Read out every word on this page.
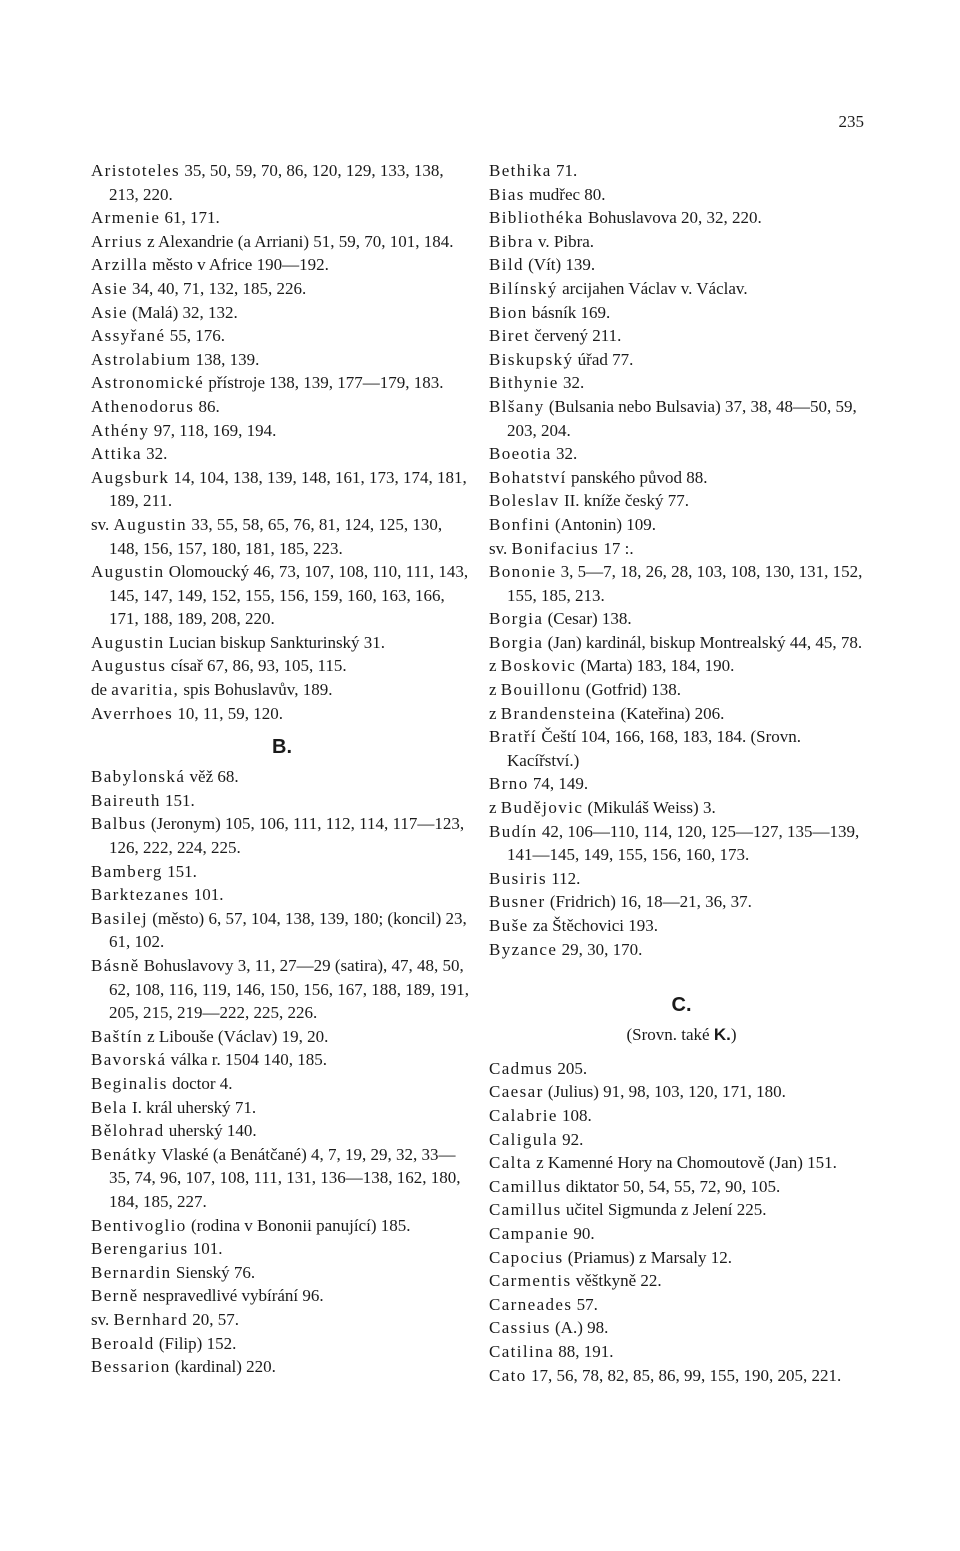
235
Aristoteles 35, 50, 59, 70, 86, 120, 129, 133, 138, 213, 220.
Armenie 61, 171.
Arrius z Alexandrie (a Arriani) 51, 59, 70, 101, 184.
Arzilla město v Africe 190—192.
Asie 34, 40, 71, 132, 185, 226.
Asie (Malá) 32, 132.
Assyřané 55, 176.
Astrolabium 138, 139.
Astronomické přístroje 138, 139, 177—179, 183.
Athenodorus 86.
Athény 97, 118, 169, 194.
Attika 32.
Augsburk 14, 104, 138, 139, 148, 161, 173, 174, 181, 189, 211.
sv. Augustin 33, 55, 58, 65, 76, 81, 124, 125, 130, 148, 156, 157, 180, 181, 185, 223.
Augustin Olomoucký 46, 73, 107, 108, 110, 111, 143, 145, 147, 149, 152, 155, 156, 159, 160, 163, 166, 171, 188, 189, 208, 220.
Augustin Lucian biskup Sankturinský 31.
Augustus císař 67, 86, 93, 105, 115.
de avaritia, spis Bohuslavův, 189.
Averrhoes 10, 11, 59, 120.
B.
Babylonská věž 68.
Baireuth 151.
Balbus (Jeronym) 105, 106, 111, 112, 114, 117—123, 126, 222, 224, 225.
Bamberg 151.
Barktezanes 101.
Basilej (město) 6, 57, 104, 138, 139, 180; (koncil) 23, 61, 102.
Básně Bohuslavovy 3, 11, 27—29 (satira), 47, 48, 50, 62, 108, 116, 119, 146, 150, 156, 167, 188, 189, 191, 205, 215, 219—222, 225, 226.
Baštín z Libouše (Václav) 19, 20.
Bavorská válka r. 1504 140, 185.
Beginalis doctor 4.
Bela I. král uherský 71.
Bělohrad uherský 140.
Benátky Vlaské (a Benátčané) 4, 7, 19, 29, 32, 33—35, 74, 96, 107, 108, 111, 131, 136—138, 162, 180, 184, 185, 227.
Bentivoglio (rodina v Bononii panující) 185.
Berengarius 101.
Bernardin Sienský 76.
Berně nespravedlivé vybírání 96.
sv. Bernhard 20, 57.
Beroald (Filip) 152.
Bessarion (kardinal) 220.
Bethika 71.
Bias mudřec 80.
Bibliothéka Bohuslavova 20, 32, 220.
Bibra v. Pibra.
Bild (Vít) 139.
Bilínský arcijahen Václav v. Václav.
Bion básník 169.
Biret červený 211.
Biskupský úřad 77.
Bithynie 32.
Blšany (Bulsania nebo Bulsavia) 37, 38, 48—50, 59, 203, 204.
Boeotia 32.
Bohatství panského původ 88.
Boleslav II. kníže český 77.
Bonfini (Antonin) 109.
sv. Bonifacius 17 :.
Bononie 3, 5—7, 18, 26, 28, 103, 108, 130, 131, 152, 155, 185, 213.
Borgia (Cesar) 138.
Borgia (Jan) kardinál, biskup Montrealský 44, 45, 78.
z Boskovic (Marta) 183, 184, 190.
z Bouillonu (Gotfrid) 138.
z Brandensteina (Kateřina) 206.
Bratří Čeští 104, 166, 168, 183, 184. (Srovn. Kacířství.)
Brno 74, 149.
z Budějovic (Mikuláš Weiss) 3.
Budín 42, 106—110, 114, 120, 125—127, 135—139, 141—145, 149, 155, 156, 160, 173.
Busiris 112.
Busner (Fridrich) 16, 18—21, 36, 37.
Buše za Štěchovici 193.
Byzance 29, 30, 170.
C.
(Srovn. také K.)
Cadmus 205.
Caesar (Julius) 91, 98, 103, 120, 171, 180.
Calabrie 108.
Caligula 92.
Calta z Kamenné Hory na Chomoutově (Jan) 151.
Camillus diktator 50, 54, 55, 72, 90, 105.
Camillus učitel Sigmunda z Jelení 225.
Campanie 90.
Capocius (Priamus) z Marsaly 12.
Carmentis věštkyně 22.
Carneades 57.
Cassius (A.) 98.
Catilina 88, 191.
Cato 17, 56, 78, 82, 85, 86, 99, 155, 190, 205, 221.
